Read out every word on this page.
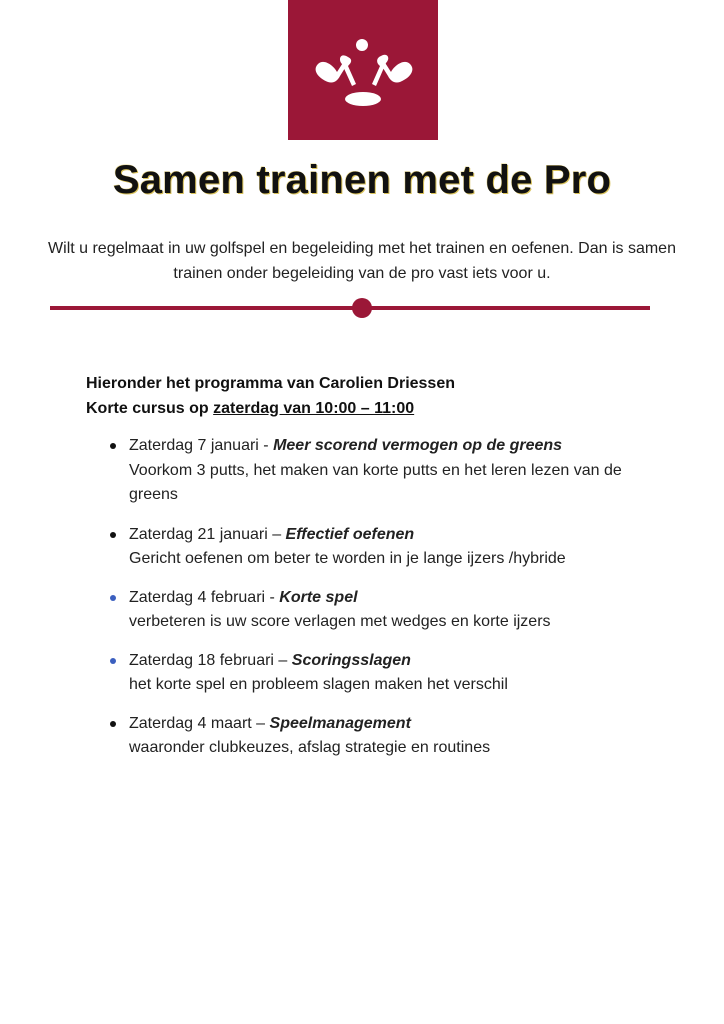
Samen trainen met de Pro
Wilt u regelmaat in uw golfspel en begeleiding met het trainen en oefenen. Dan is samen trainen onder begeleiding van de pro vast iets voor u.
Hieronder het programma van Carolien Driessen
Korte cursus op zaterdag van 10:00 – 11:00
Zaterdag 7 januari - Meer scorend vermogen op de greens
Voorkom 3 putts, het maken van korte putts en het leren lezen van de greens
Zaterdag 21 januari – Effectief oefenen
Gericht oefenen om beter te worden in je lange ijzers /hybride
Zaterdag 4 februari - Korte spel
verbeteren is uw score verlagen met wedges en korte ijzers
Zaterdag 18 februari – Scoringsslagen
het korte spel en probleem slagen maken het verschil
Zaterdag 4 maart – Speelmanagement
waaronder clubkeuzes, afslag strategie en routines
